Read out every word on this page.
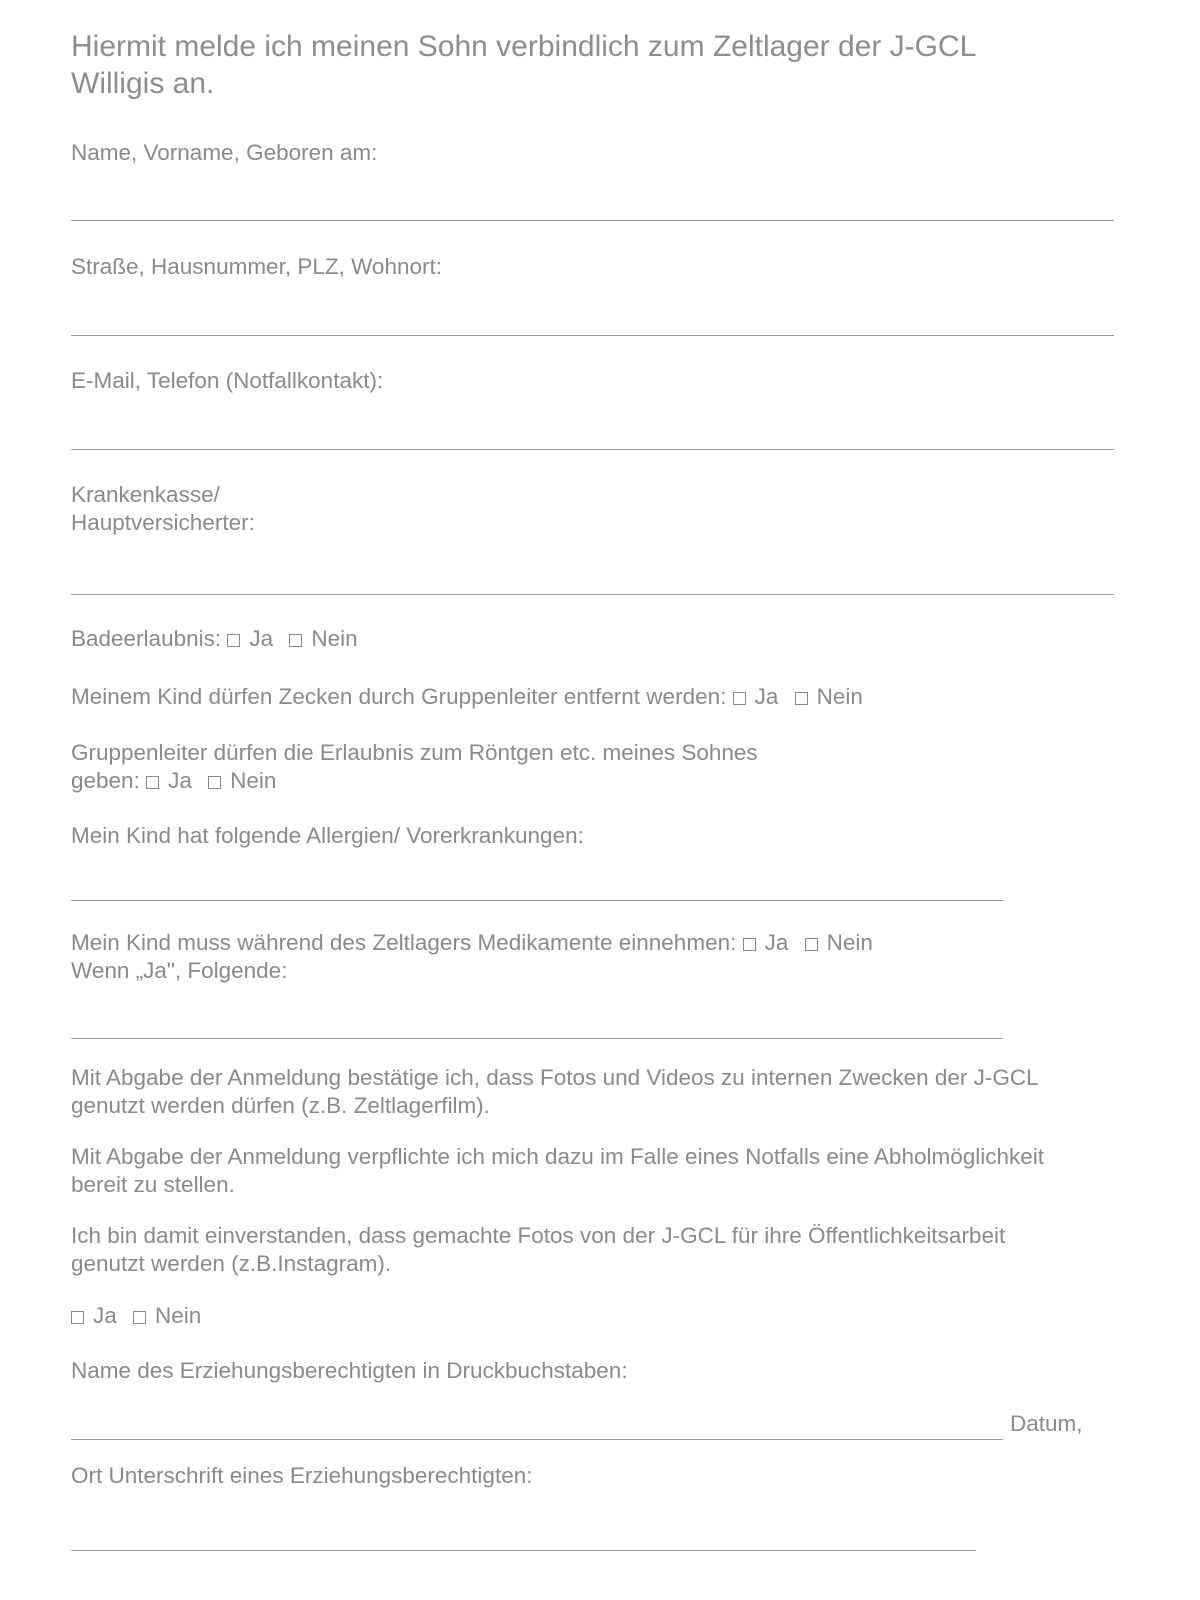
Hiermit melde ich meinen Sohn verbindlich zum Zeltlager der J-GCL
Willigis an.
Name, Vorname, Geboren am:
Straße, Hausnummer, PLZ, Wohnort:
E-Mail, Telefon (Notfallkontakt):
Krankenkasse/
Hauptversicherter:
Badeerlaubnis: Ja Nein
Meinem Kind dürfen Zecken durch Gruppenleiter entfernt werden: Ja Nein
Gruppenleiter dürfen die Erlaubnis zum Röntgen etc. meines Sohnes
geben: Ja Nein
Mein Kind hat folgende Allergien/ Vorerkrankungen:
Mein Kind muss während des Zeltlagers Medikamente einnehmen: Ja Nein
Wenn „Ja", Folgende:
Mit Abgabe der Anmeldung bestätige ich, dass Fotos und Videos zu internen Zwecken der J-GCL
genutzt werden dürfen (z.B. Zeltlagerfilm).
Mit Abgabe der Anmeldung verpflichte ich mich dazu im Falle eines Notfalls eine Abholmöglichkeit
bereit zu stellen.
Ich bin damit einverstanden, dass gemachte Fotos von der J-GCL für ihre Öffentlichkeitsarbeit
genutzt werden (z.B.Instagram).
Ja Nein
Name des Erziehungsberechtigten in Druckbuchstaben:
Datum,
Ort Unterschrift eines Erziehungsberechtigten:
